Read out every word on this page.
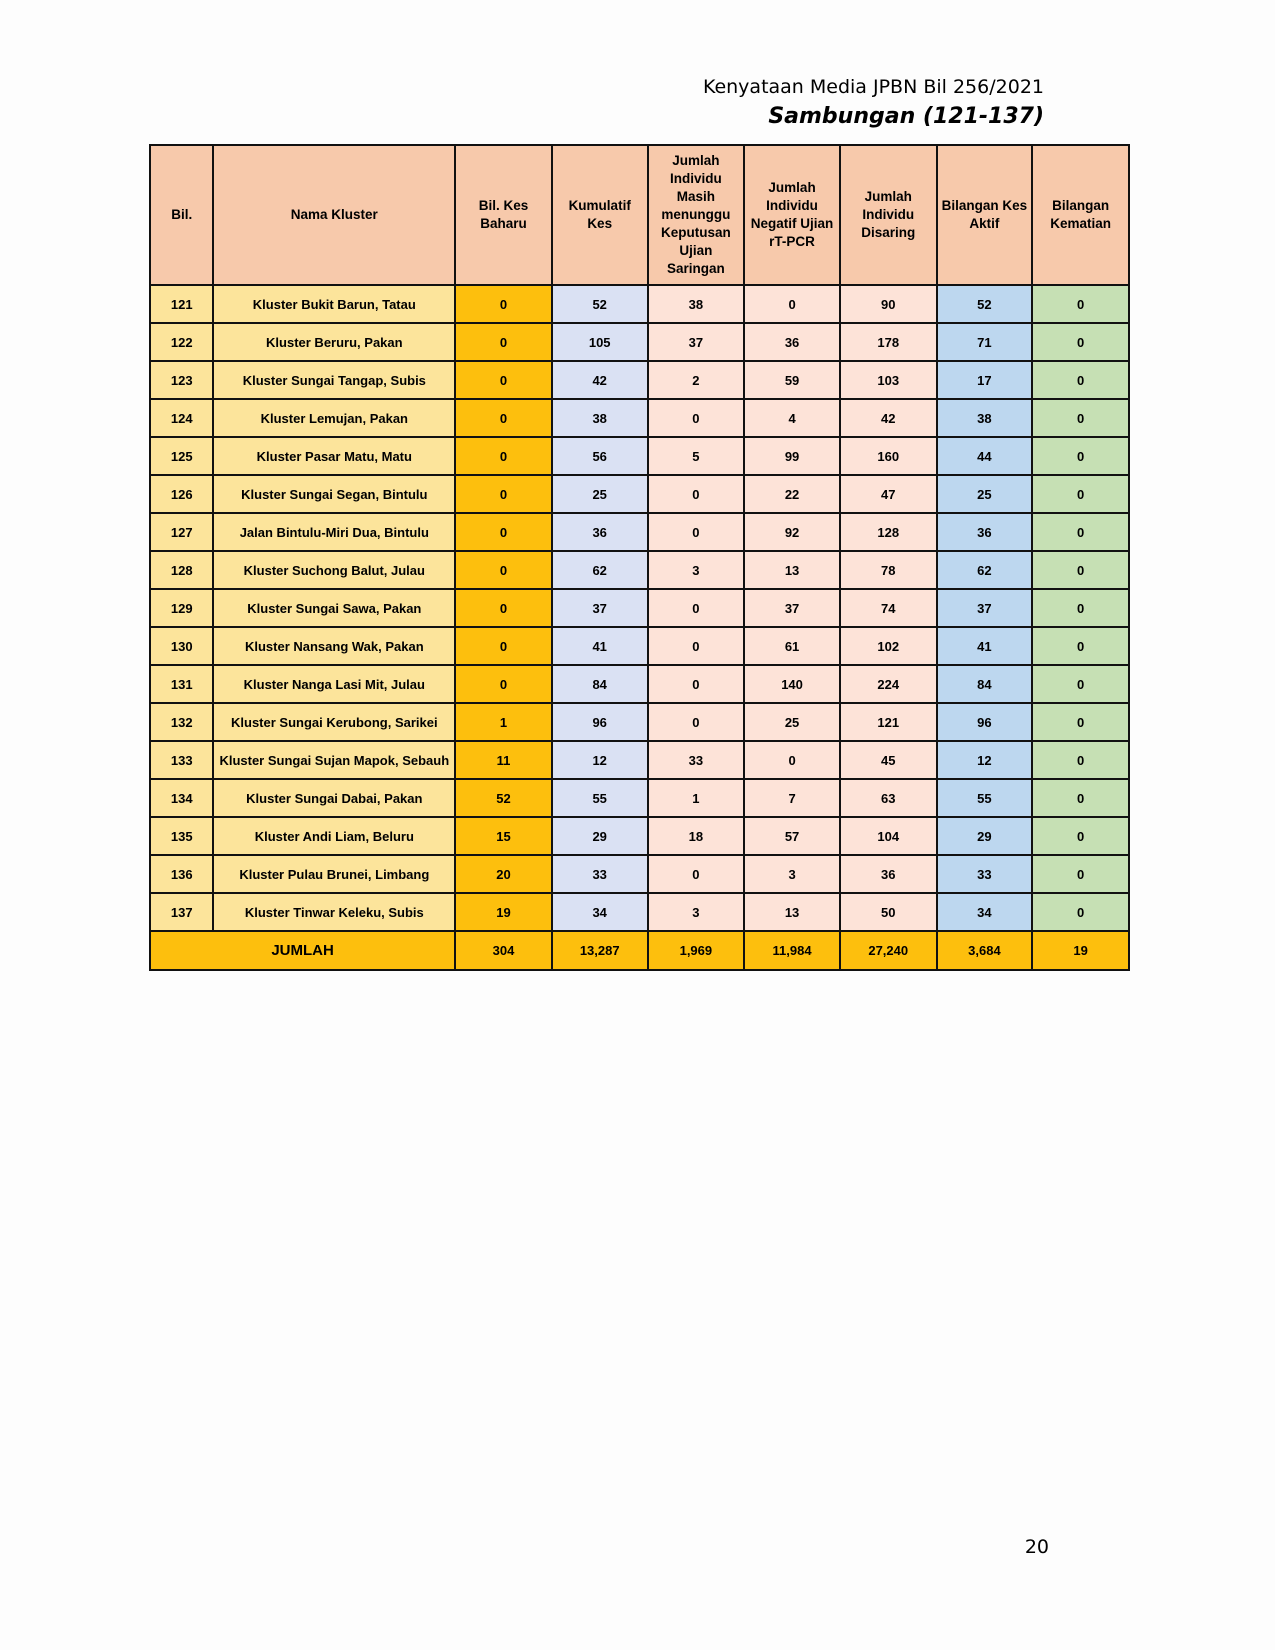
Kenyataan Media JPBN Bil 256/2021
Sambungan (121-137)
Bil.	Nama Kluster	Bil. Kes Baharu	Kumulatif Kes	Jumlah Individu Masih menunggu Keputusan Ujian Saringan	Jumlah Individu Negatif Ujian rT-PCR	Jumlah Individu Disaring	Bilangan Kes Aktif	Bilangan Kematian
121	Kluster Bukit Barun, Tatau	0	52	38	0	90	52	0
122	Kluster Beruru, Pakan	0	105	37	36	178	71	0
123	Kluster Sungai Tangap, Subis	0	42	2	59	103	17	0
124	Kluster Lemujan, Pakan	0	38	0	4	42	38	0
125	Kluster Pasar Matu, Matu	0	56	5	99	160	44	0
126	Kluster Sungai Segan, Bintulu	0	25	0	22	47	25	0
127	Jalan Bintulu-Miri Dua, Bintulu	0	36	0	92	128	36	0
128	Kluster Suchong Balut, Julau	0	62	3	13	78	62	0
129	Kluster Sungai Sawa, Pakan	0	37	0	37	74	37	0
130	Kluster Nansang Wak, Pakan	0	41	0	61	102	41	0
131	Kluster Nanga Lasi Mit, Julau	0	84	0	140	224	84	0
132	Kluster Sungai Kerubong, Sarikei	1	96	0	25	121	96	0
133	Kluster Sungai Sujan Mapok, Sebauh	11	12	33	0	45	12	0
134	Kluster Sungai Dabai, Pakan	52	55	1	7	63	55	0
135	Kluster Andi Liam, Beluru	15	29	18	57	104	29	0
136	Kluster Pulau Brunei, Limbang	20	33	0	3	36	33	0
137	Kluster Tinwar Keleku, Subis	19	34	3	13	50	34	0
JUMLAH		304	13,287	1,969	11,984	27,240	3,684	19
20
